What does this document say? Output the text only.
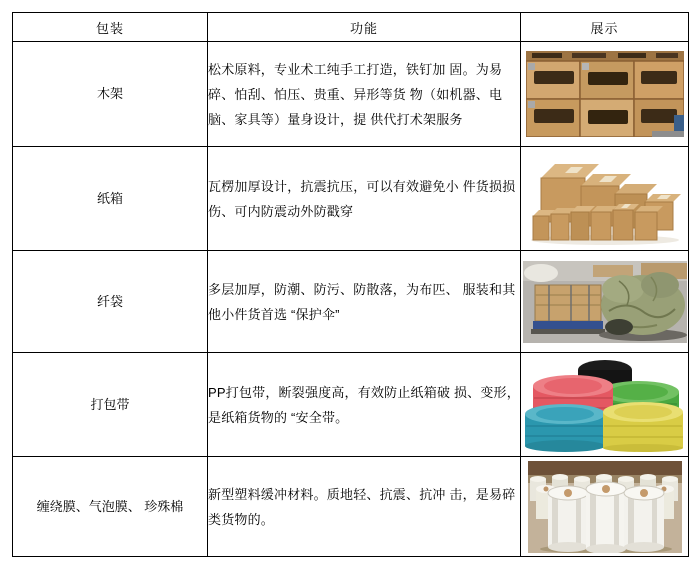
包装	功能	展示
木架	松术原料，专业术工纯手工打造，铁钉加 固。为易碎、怕刮、怕压、贵重、异形等货 物（如机器、电脑、家具等）量身设计，提 供代打术架服务	
纸箱	瓦楞加厚设计，抗震抗压，可以有效避免小 件货损损伤、可内防震动外防戳穿	
纤袋	多层加厚，防潮、防污、防散落，为布匹、 服装和其他小件货首选 “保护伞”	
打包带	PP打包带，断裂强度高，有效防止纸箱破 损、变形，是纸箱货物的 “安全带。	
缠绕膜、气泡膜、 珍殊棉	新型塑料缓冲材料。质地轻、抗震、抗冲 击，是易碎类货物的。	
